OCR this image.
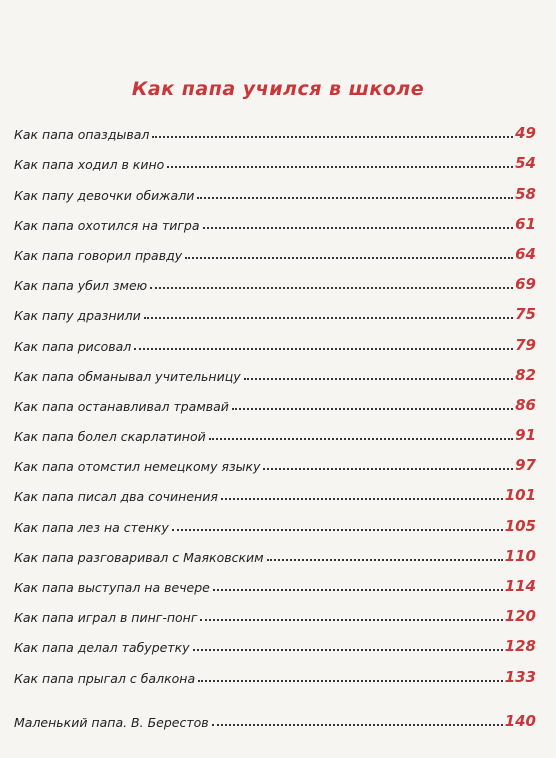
Как папа учился в школе
Как папа опаздывал	49
Как папа ходил в кино	54
Как папу девочки обижали	58
Как папа охотился на тигра	61
Как папа говорил правду	64
Как папа убил змею	69
Как папу дразнили	75
Как папа рисовал	79
Как папа обманывал учительницу	82
Как папа останавливал трамвай	86
Как папа болел скарлатиной	91
Как папа отомстил немецкому языку	97
Как папа писал два сочинения	101
Как папа лез на стенку	105
Как папа разговаривал с Маяковским	110
Как папа выступал на вечере	114
Как папа играл в пинг-понг	120
Как папа делал табуретку	128
Как папа прыгал с балкона	133
Маленький папа. В. Берестов	140
